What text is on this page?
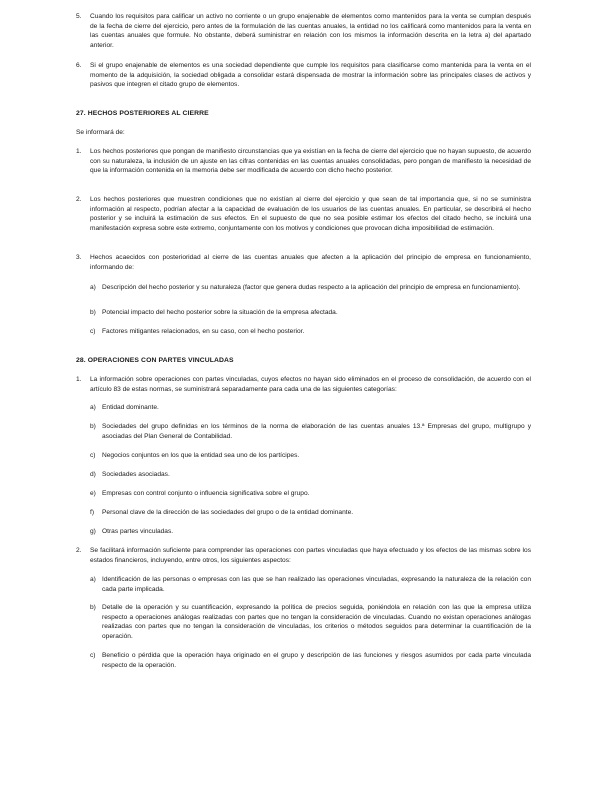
5. Cuando los requisitos para calificar un activo no corriente o un grupo enajenable de elementos como mantenidos para la venta se cumplan después de la fecha de cierre del ejercicio, pero antes de la formulación de las cuentas anuales, la entidad no los calificará como mantenidos para la venta en las cuentas anuales que formule. No obstante, deberá suministrar en relación con los mismos la información descrita en la letra a) del apartado anterior.
6. Si el grupo enajenable de elementos es una sociedad dependiente que cumple los requisitos para clasificarse como mantenida para la venta en el momento de la adquisición, la sociedad obligada a consolidar estará dispensada de mostrar la información sobre las principales clases de activos y pasivos que integren el citado grupo de elementos.
27. HECHOS POSTERIORES AL CIERRE
Se informará de:
1. Los hechos posteriores que pongan de manifiesto circunstancias que ya existían en la fecha de cierre del ejercicio que no hayan supuesto, de acuerdo con su naturaleza, la inclusión de un ajuste en las cifras contenidas en las cuentas anuales consolidadas, pero pongan de manifiesto la necesidad de que la información contenida en la memoria debe ser modificada de acuerdo con dicho hecho posterior.
2. Los hechos posteriores que muestren condiciones que no existían al cierre del ejercicio y que sean de tal importancia que, si no se suministra información al respecto, podrían afectar a la capacidad de evaluación de los usuarios de las cuentas anuales. En particular, se describirá el hecho posterior y se incluirá la estimación de sus efectos. En el supuesto de que no sea posible estimar los efectos del citado hecho, se incluirá una manifestación expresa sobre este extremo, conjuntamente con los motivos y condiciones que provocan dicha imposibilidad de estimación.
3. Hechos acaecidos con posterioridad al cierre de las cuentas anuales que afecten a la aplicación del principio de empresa en funcionamiento, informando de:
a) Descripción del hecho posterior y su naturaleza (factor que genera dudas respecto a la aplicación del principio de empresa en funcionamiento).
b) Potencial impacto del hecho posterior sobre la situación de la empresa afectada.
c) Factores mitigantes relacionados, en su caso, con el hecho posterior.
28. OPERACIONES CON PARTES VINCULADAS
1. La información sobre operaciones con partes vinculadas, cuyos efectos no hayan sido eliminados en el proceso de consolidación, de acuerdo con el artículo 83 de estas normas, se suministrará separadamente para cada una de las siguientes categorías:
a) Entidad dominante.
b) Sociedades del grupo definidas en los términos de la norma de elaboración de las cuentas anuales 13.ª Empresas del grupo, multigrupo y asociadas del Plan General de Contabilidad.
c) Negocios conjuntos en los que la entidad sea uno de los partícipes.
d) Sociedades asociadas.
e) Empresas con control conjunto o influencia significativa sobre el grupo.
f) Personal clave de la dirección de las sociedades del grupo o de la entidad dominante.
g) Otras partes vinculadas.
2. Se facilitará información suficiente para comprender las operaciones con partes vinculadas que haya efectuado y los efectos de las mismas sobre los estados financieros, incluyendo, entre otros, los siguientes aspectos:
a) Identificación de las personas o empresas con las que se han realizado las operaciones vinculadas, expresando la naturaleza de la relación con cada parte implicada.
b) Detalle de la operación y su cuantificación, expresando la política de precios seguida, poniéndola en relación con las que la empresa utiliza respecto a operaciones análogas realizadas con partes que no tengan la consideración de vinculadas. Cuando no existan operaciones análogas realizadas con partes que no tengan la consideración de vinculadas, los criterios o métodos seguidos para determinar la cuantificación de la operación.
c) Beneficio o pérdida que la operación haya originado en el grupo y descripción de las funciones y riesgos asumidos por cada parte vinculada respecto de la operación.
